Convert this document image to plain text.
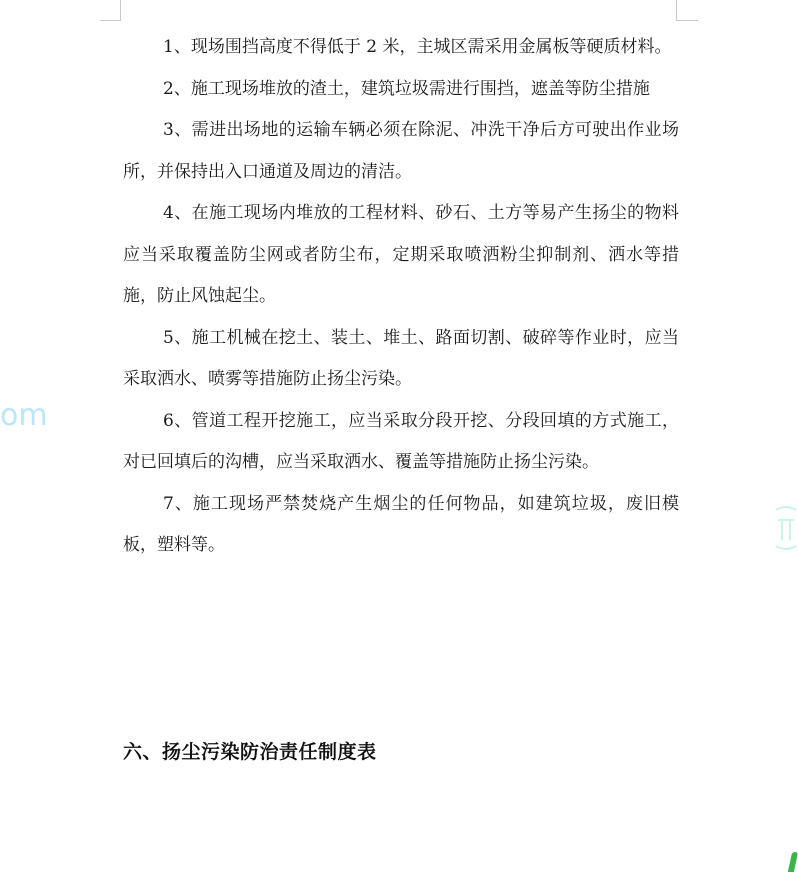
om

1、现场围挡高度不得低于 2 米，主城区需采用金属板等硬质材料。

2、施工现场堆放的渣土，建筑垃圾需进行围挡，遮盖等防尘措施

3、需进出场地的运输车辆必须在除泥、冲洗干净后方可驶出作业场所，并保持出入口通道及周边的清洁。

4、在施工现场内堆放的工程材料、砂石、土方等易产生扬尘的物料应当采取覆盖防尘网或者防尘布，定期采取喷洒粉尘抑制剂、洒水等措施，防止风蚀起尘。

5、施工机械在挖土、装土、堆土、路面切割、破碎等作业时，应当采取洒水、喷雾等措施防止扬尘污染。

6、管道工程开挖施工，应当采取分段开挖、分段回填的方式施工，对已回填后的沟槽，应当采取洒水、覆盖等措施防止扬尘污染。

7、施工现场严禁焚烧产生烟尘的任何物品，如建筑垃圾，废旧模板，塑料等。

六、扬尘污染防治责任制度表
